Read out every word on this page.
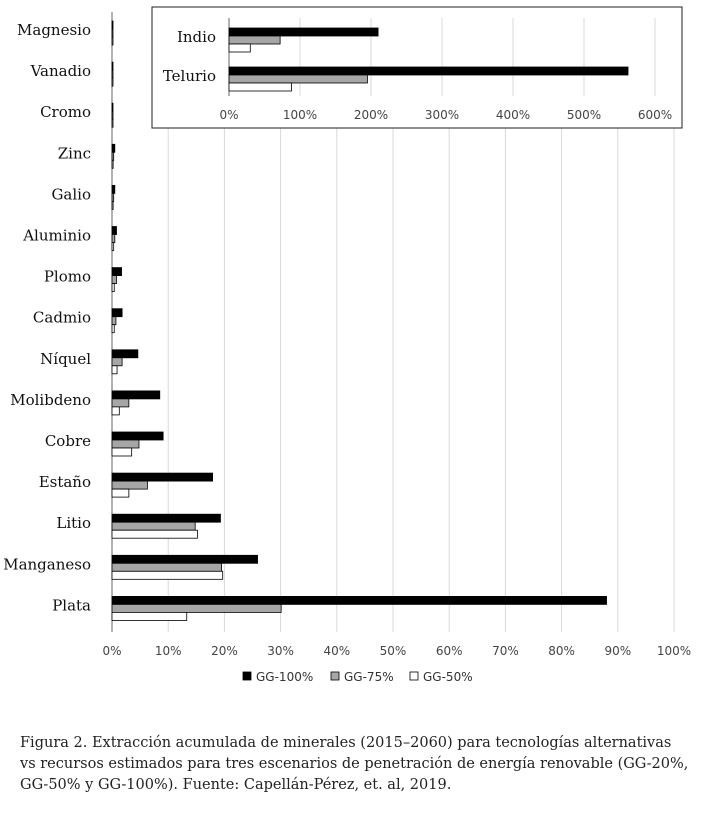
Magnesio
Vanadio
Cromo
Zinc
Galio
Aluminio
Plomo
Cadmio
Níquel
Molibdeno
Cobre
Estaño
Litio
Manganeso
Plata
0%	10% 20% 30% 40% 50% 60% 70% 80% 90% 100%
Indio
Telurio
0%	100%	200%	300%	400%	500%	600%
GG-100%	GG-75% GG-50%

Figura 2. Extracción acumulada de minerales (2015–2060) para tecnologías alternativas vs recursos estimados para tres escenarios de penetración de energía renovable (GG-20%, GG-50% y GG-100%). Fuente: Capellán-Pérez, et. al, 2019.
